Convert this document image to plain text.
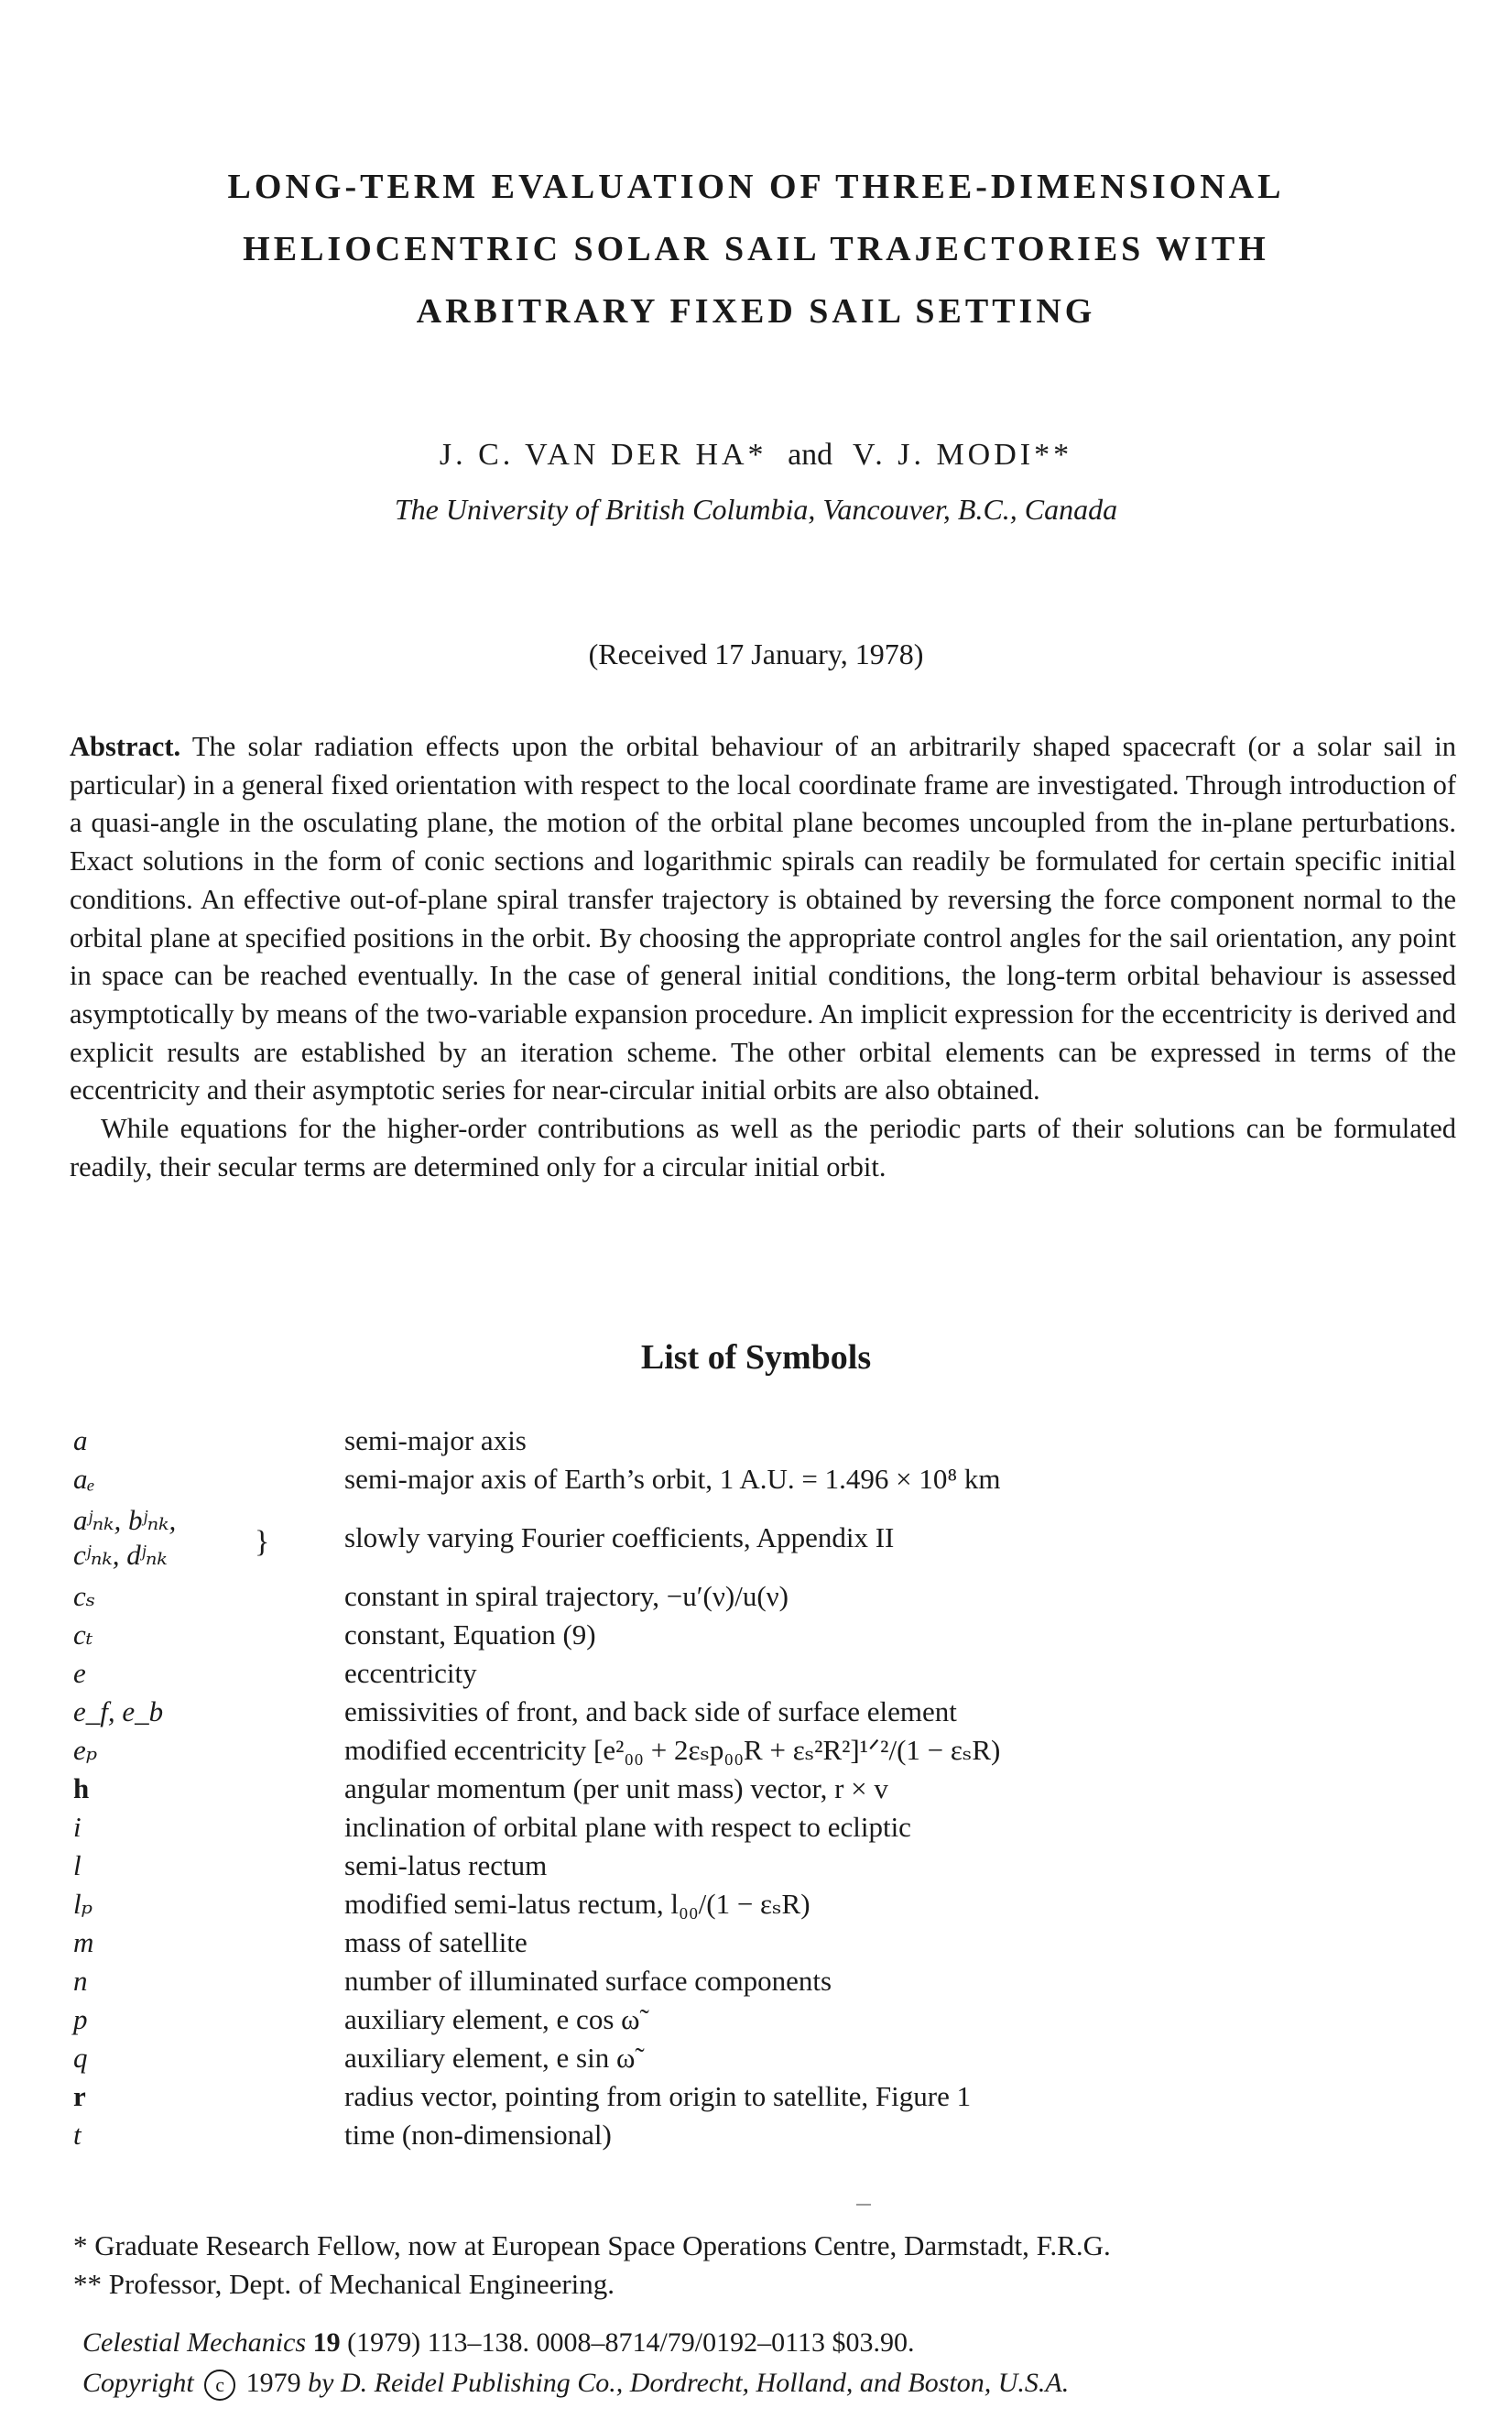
LONG-TERM EVALUATION OF THREE-DIMENSIONAL
HELIOCENTRIC SOLAR SAIL TRAJECTORIES WITH
ARBITRARY FIXED SAIL SETTING
J. C. VAN DER HA* and V. J. MODI**
The University of British Columbia, Vancouver, B.C., Canada
(Received 17 January, 1978)

Abstract. The solar radiation effects upon the orbital behaviour of an arbitrarily shaped spacecraft (or a solar sail in particular) in a general fixed orientation with respect to the local coordinate frame are investigated. Through introduction of a quasi-angle in the osculating plane, the motion of the orbital plane becomes uncoupled from the in-plane perturbations. Exact solutions in the form of conic sections and logarithmic spirals can readily be formulated for certain specific initial conditions. An effective out-of-plane spiral transfer trajectory is obtained by reversing the force component normal to the orbital plane at specified positions in the orbit. By choosing the appropriate control angles for the sail orientation, any point in space can be reached eventually. In the case of general initial conditions, the long-term orbital behaviour is assessed asymptotically by means of the two-variable expansion procedure. An implicit expression for the eccentricity is derived and explicit results are established by an iteration scheme. The other orbital elements can be expressed in terms of the eccentricity and their asymptotic series for near-circular initial orbits are also obtained.

While equations for the higher-order contributions as well as the periodic parts of their solutions can be formulated readily, their secular terms are determined only for a circular initial orbit.

List of Symbols
a	semi-major axis
aₑ	semi-major axis of Earth’s orbit, 1 A.U. = 1.496 × 10⁸ km
aʲₙₖ, bʲₙₖ,
cʲₙₖ, dʲₙₖ	}	slowly varying Fourier coefficients, Appendix II
cₛ	constant in spiral trajectory, −u′(ν)/u(ν)
cₜ	constant, Equation (9)
e	eccentricity
e_f, e_b	emissivities of front, and back side of surface element
eₚ	modified eccentricity [e²₀₀ + 2εₛp₀₀R + εₛ²R²]¹ᐟ²/(1 − εₛR)
h	angular momentum (per unit mass) vector, r × v
i	inclination of orbital plane with respect to ecliptic
l	semi-latus rectum
lₚ	modified semi-latus rectum, l₀₀/(1 − εₛR)
m	mass of satellite
n	number of illuminated surface components
p	auxiliary element, e cos ω̃
q	auxiliary element, e sin ω̃
r	radius vector, pointing from origin to satellite, Figure 1
t	time (non-dimensional)
* Graduate Research Fellow, now at European Space Operations Centre, Darmstadt, F.R.G.
** Professor, Dept. of Mechanical Engineering.
Celestial Mechanics 19 (1979) 113–138. 0008–8714/79/0192–0113 $03.90.
Copyright c 1979 by D. Reidel Publishing Co., Dordrecht, Holland, and Boston, U.S.A.
